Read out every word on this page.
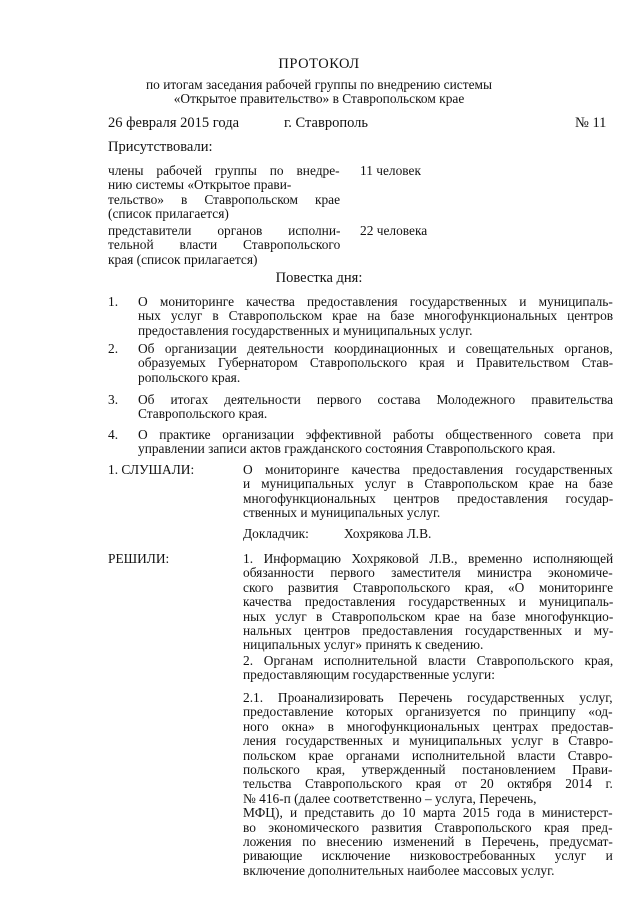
ПРОТОКОЛ
по итогам заседания рабочей группы по внедрению системы
«Открытое правительство» в Ставропольском крае
26 февраля 2015 года	г. Ставрополь	№ 11
Присутствовали:
члены рабочей группы по внедре-
нию системы «Открытое прави-
тельство» в Ставропольском крае
(список прилагается)
11 человек
представители органов исполни-
тельной власти Ставропольского
края (список прилагается)
22 человека
Повестка дня:
1. О мониторинге качества предоставления государственных и муниципаль-
ных услуг в Ставропольском крае на базе многофункциональных центров
предоставления государственных и муниципальных услуг.
2. Об организации деятельности координационных и совещательных органов,
образуемых Губернатором Ставропольского края и Правительством Став-
ропольского края.
3. Об итогах деятельности первого состава Молодежного правительства
Ставропольского края.
4. О практике организации эффективной работы общественного совета при
управлении записи актов гражданского состояния Ставропольского края.
1. СЛУШАЛИ:	О мониторинге качества предоставления государственных
и муниципальных услуг в Ставропольском крае на базе
многофункциональных центров предоставления государ-
ственных и муниципальных услуг.
Докладчик:	Хохрякова Л.В.
РЕШИЛИ:	1. Информацию Хохряковой Л.В., временно исполняющей
обязанности первого заместителя министра экономиче-
ского развития Ставропольского края, «О мониторинге
качества предоставления государственных и муниципаль-
ных услуг в Ставропольском крае на базе многофункцио-
нальных центров предоставления государственных и му-
ниципальных услуг» принять к сведению.
2. Органам исполнительной власти Ставропольского края,
предоставляющим государственные услуги:
2.1. Проанализировать Перечень государственных услуг,
предоставление которых организуется по принципу «од-
ного окна» в многофункциональных центрах предостав-
ления государственных и муниципальных услуг в Ставро-
польском крае органами исполнительной власти Ставро-
польского края, утвержденный постановлением Прави-
тельства Ставропольского края от 20 октября 2014 г.
№ 416-п (далее соответственно – услуга, Перечень,
МФЦ), и представить до 10 марта 2015 года в министерст-
во экономического развития Ставропольского края пред-
ложения по внесению изменений в Перечень, предусмат-
ривающие исключение низковостребованных услуг и
включение дополнительных наиболее массовых услуг.
